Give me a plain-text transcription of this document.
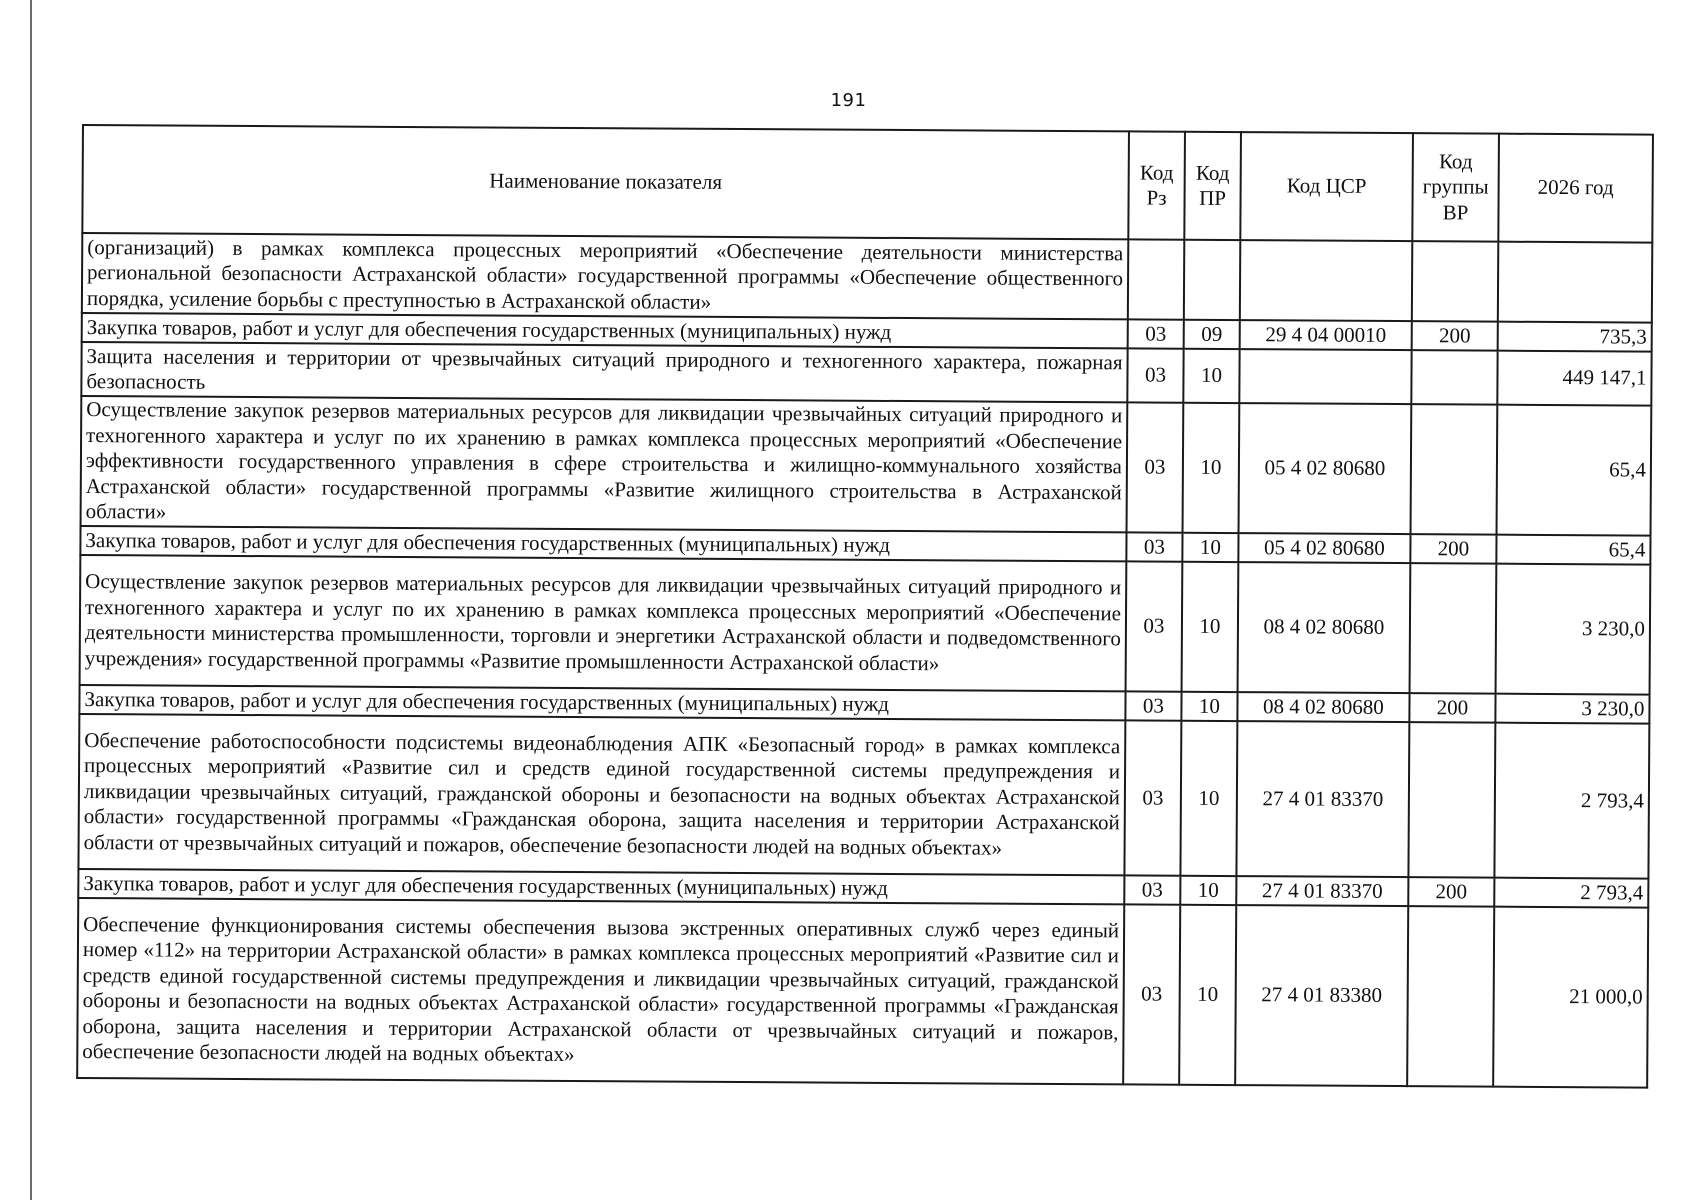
191
Наименование показателя	Код Рз	Код ПР	Код ЦСР	Код группы ВР	2026 год
(организаций) в рамках комплекса процессных мероприятий «Обеспечение деятельности министерства региональной безопасности Астраханской области» государственной программы «Обеспечение общественного порядка, усиление борьбы с преступностью в Астраханской области»					
Закупка товаров, работ и услуг для обеспечения государственных (муниципальных) нужд	03	09	29 4 04 00010	200	735,3
Защита населения и территории от чрезвычайных ситуаций природного и техногенного характера, пожарная безопасность	03	10			449 147,1
Осуществление закупок резервов материальных ресурсов для ликвидации чрезвычайных ситуаций природного и техногенного характера и услуг по их хранению в рамках комплекса процессных мероприятий «Обеспечение эффективности государственного управления в сфере строительства и жилищно-коммунального хозяйства Астраханской области» государственной программы «Развитие жилищного строительства в Астраханской области»	03	10	05 4 02 80680		65,4
Закупка товаров, работ и услуг для обеспечения государственных (муниципальных) нужд	03	10	05 4 02 80680	200	65,4
Осуществление закупок резервов материальных ресурсов для ликвидации чрезвычайных ситуаций природного и техногенного характера и услуг по их хранению в рамках комплекса процессных мероприятий «Обеспечение деятельности министерства промышленности, торговли и энергетики Астраханской области и подведомственного учреждения» государственной программы «Развитие промышленности Астраханской области»	03	10	08 4 02 80680		3 230,0
Закупка товаров, работ и услуг для обеспечения государственных (муниципальных) нужд	03	10	08 4 02 80680	200	3 230,0
Обеспечение работоспособности подсистемы видеонаблюдения АПК «Безопасный город» в рамках комплекса процессных мероприятий «Развитие сил и средств единой государственной системы предупреждения и ликвидации чрезвычайных ситуаций, гражданской обороны и безопасности на водных объектах Астраханской области» государственной программы «Гражданская оборона, защита населения и территории Астраханской области от чрезвычайных ситуаций и пожаров, обеспечение безопасности людей на водных объектах»	03	10	27 4 01 83370		2 793,4
Закупка товаров, работ и услуг для обеспечения государственных (муниципальных) нужд	03	10	27 4 01 83370	200	2 793,4
Обеспечение функционирования системы обеспечения вызова экстренных оперативных служб через единый номер «112» на территории Астраханской области» в рамках комплекса процессных мероприятий «Развитие сил и средств единой государственной системы предупреждения и ликвидации чрезвычайных ситуаций, гражданской обороны и безопасности на водных объектах Астраханской области» государственной программы «Гражданская оборона, защита населения и территории Астраханской области от чрезвычайных ситуаций и пожаров, обеспечение безопасности людей на водных объектах»	03	10	27 4 01 83380		21 000,0
